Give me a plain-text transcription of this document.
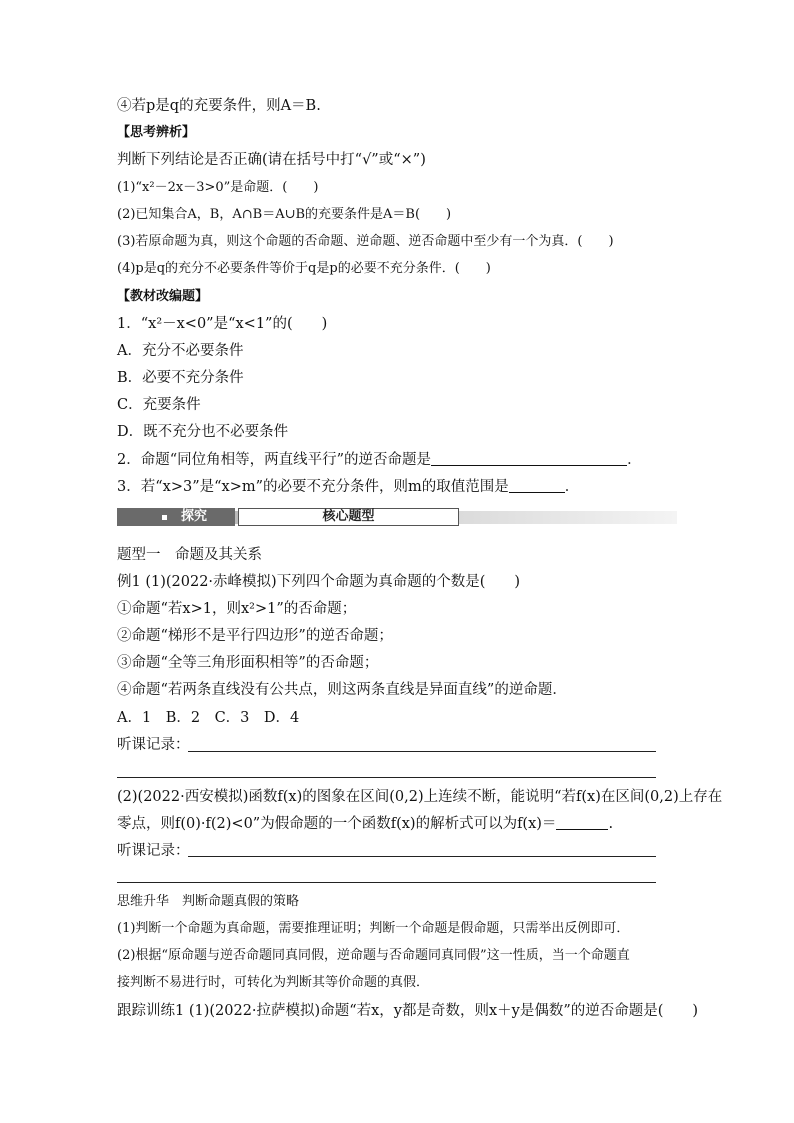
④若p是q的充要条件，则A＝B.
【思考辨析】
判断下列结论是否正确(请在括号中打“√”或“×”)
(1)“x²－2x－3>0”是命题．(　　)
(2)已知集合A，B，A∩B＝A∪B的充要条件是A＝B(　　)
(3)若原命题为真，则这个命题的否命题、逆命题、逆否命题中至少有一个为真．(　　)
(4)p是q的充分不必要条件等价于q是p的必要不充分条件．(　　)
【教材改编题】
1．“x²－x<0”是“x<1”的(　　)
A．充分不必要条件
B．必要不充分条件
C．充要条件
D．既不充分也不必要条件
2．命题“同位角相等，两直线平行”的逆否命题是	．
3．若“x>3”是“x>m”的必要不充分条件，则m的取值范围是	．
探究	核心题型
题型一　命题及其关系
例1 (1)(2022·赤峰模拟)下列四个命题为真命题的个数是(　　)
①命题“若x>1，则x²>1”的否命题；
②命题“梯形不是平行四边形”的逆否命题；
③命题“全等三角形面积相等”的否命题；
④命题“若两条直线没有公共点，则这两条直线是异面直线”的逆命题．
A．1　B．2　C．3　D．4
听课记录：
(2)(2022·西安模拟)函数f(x)的图象在区间(0,2)上连续不断，能说明“若f(x)在区间(0,2)上存在
零点，则f(0)·f(2)<0”为假命题的一个函数f(x)的解析式可以为f(x)＝	.
听课记录：
思维升华　判断命题真假的策略
(1)判断一个命题为真命题，需要推理证明；判断一个命题是假命题，只需举出反例即可．
(2)根据“原命题与逆否命题同真同假，逆命题与否命题同真同假”这一性质，当一个命题直
接判断不易进行时，可转化为判断其等价命题的真假．
跟踪训练1 (1)(2022·拉萨模拟)命题“若x，y都是奇数，则x＋y是偶数”的逆否命题是(　　)
